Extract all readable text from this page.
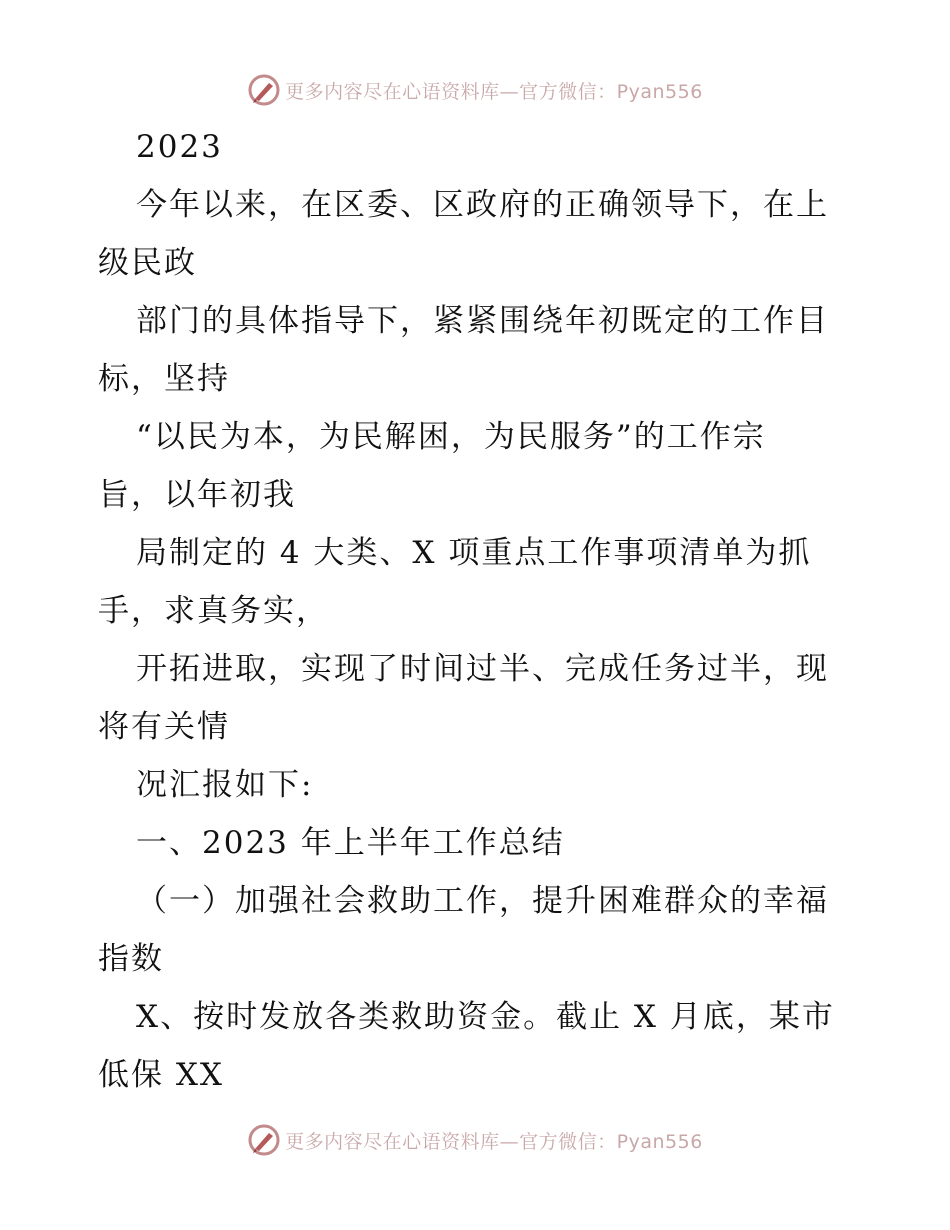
更多内容尽在心语资料库—官方微信：Pyan556
2023
今年以来，在区委、区政府的正确领导下，在上
级民政
部门的具体指导下，紧紧围绕年初既定的工作目
标，坚持
“以民为本，为民解困，为民服务”的工作宗
旨，以年初我
局制定的 4 大类、X 项重点工作事项清单为抓
手，求真务实，
开拓进取，实现了时间过半、完成任务过半，现
将有关情
况汇报如下:
一、2023 年上半年工作总结
（一）加强社会救助工作，提升困难群众的幸福
指数
X、按时发放各类救助资金。截止 X 月底，某市
低保 XX
更多内容尽在心语资料库—官方微信：Pyan556
